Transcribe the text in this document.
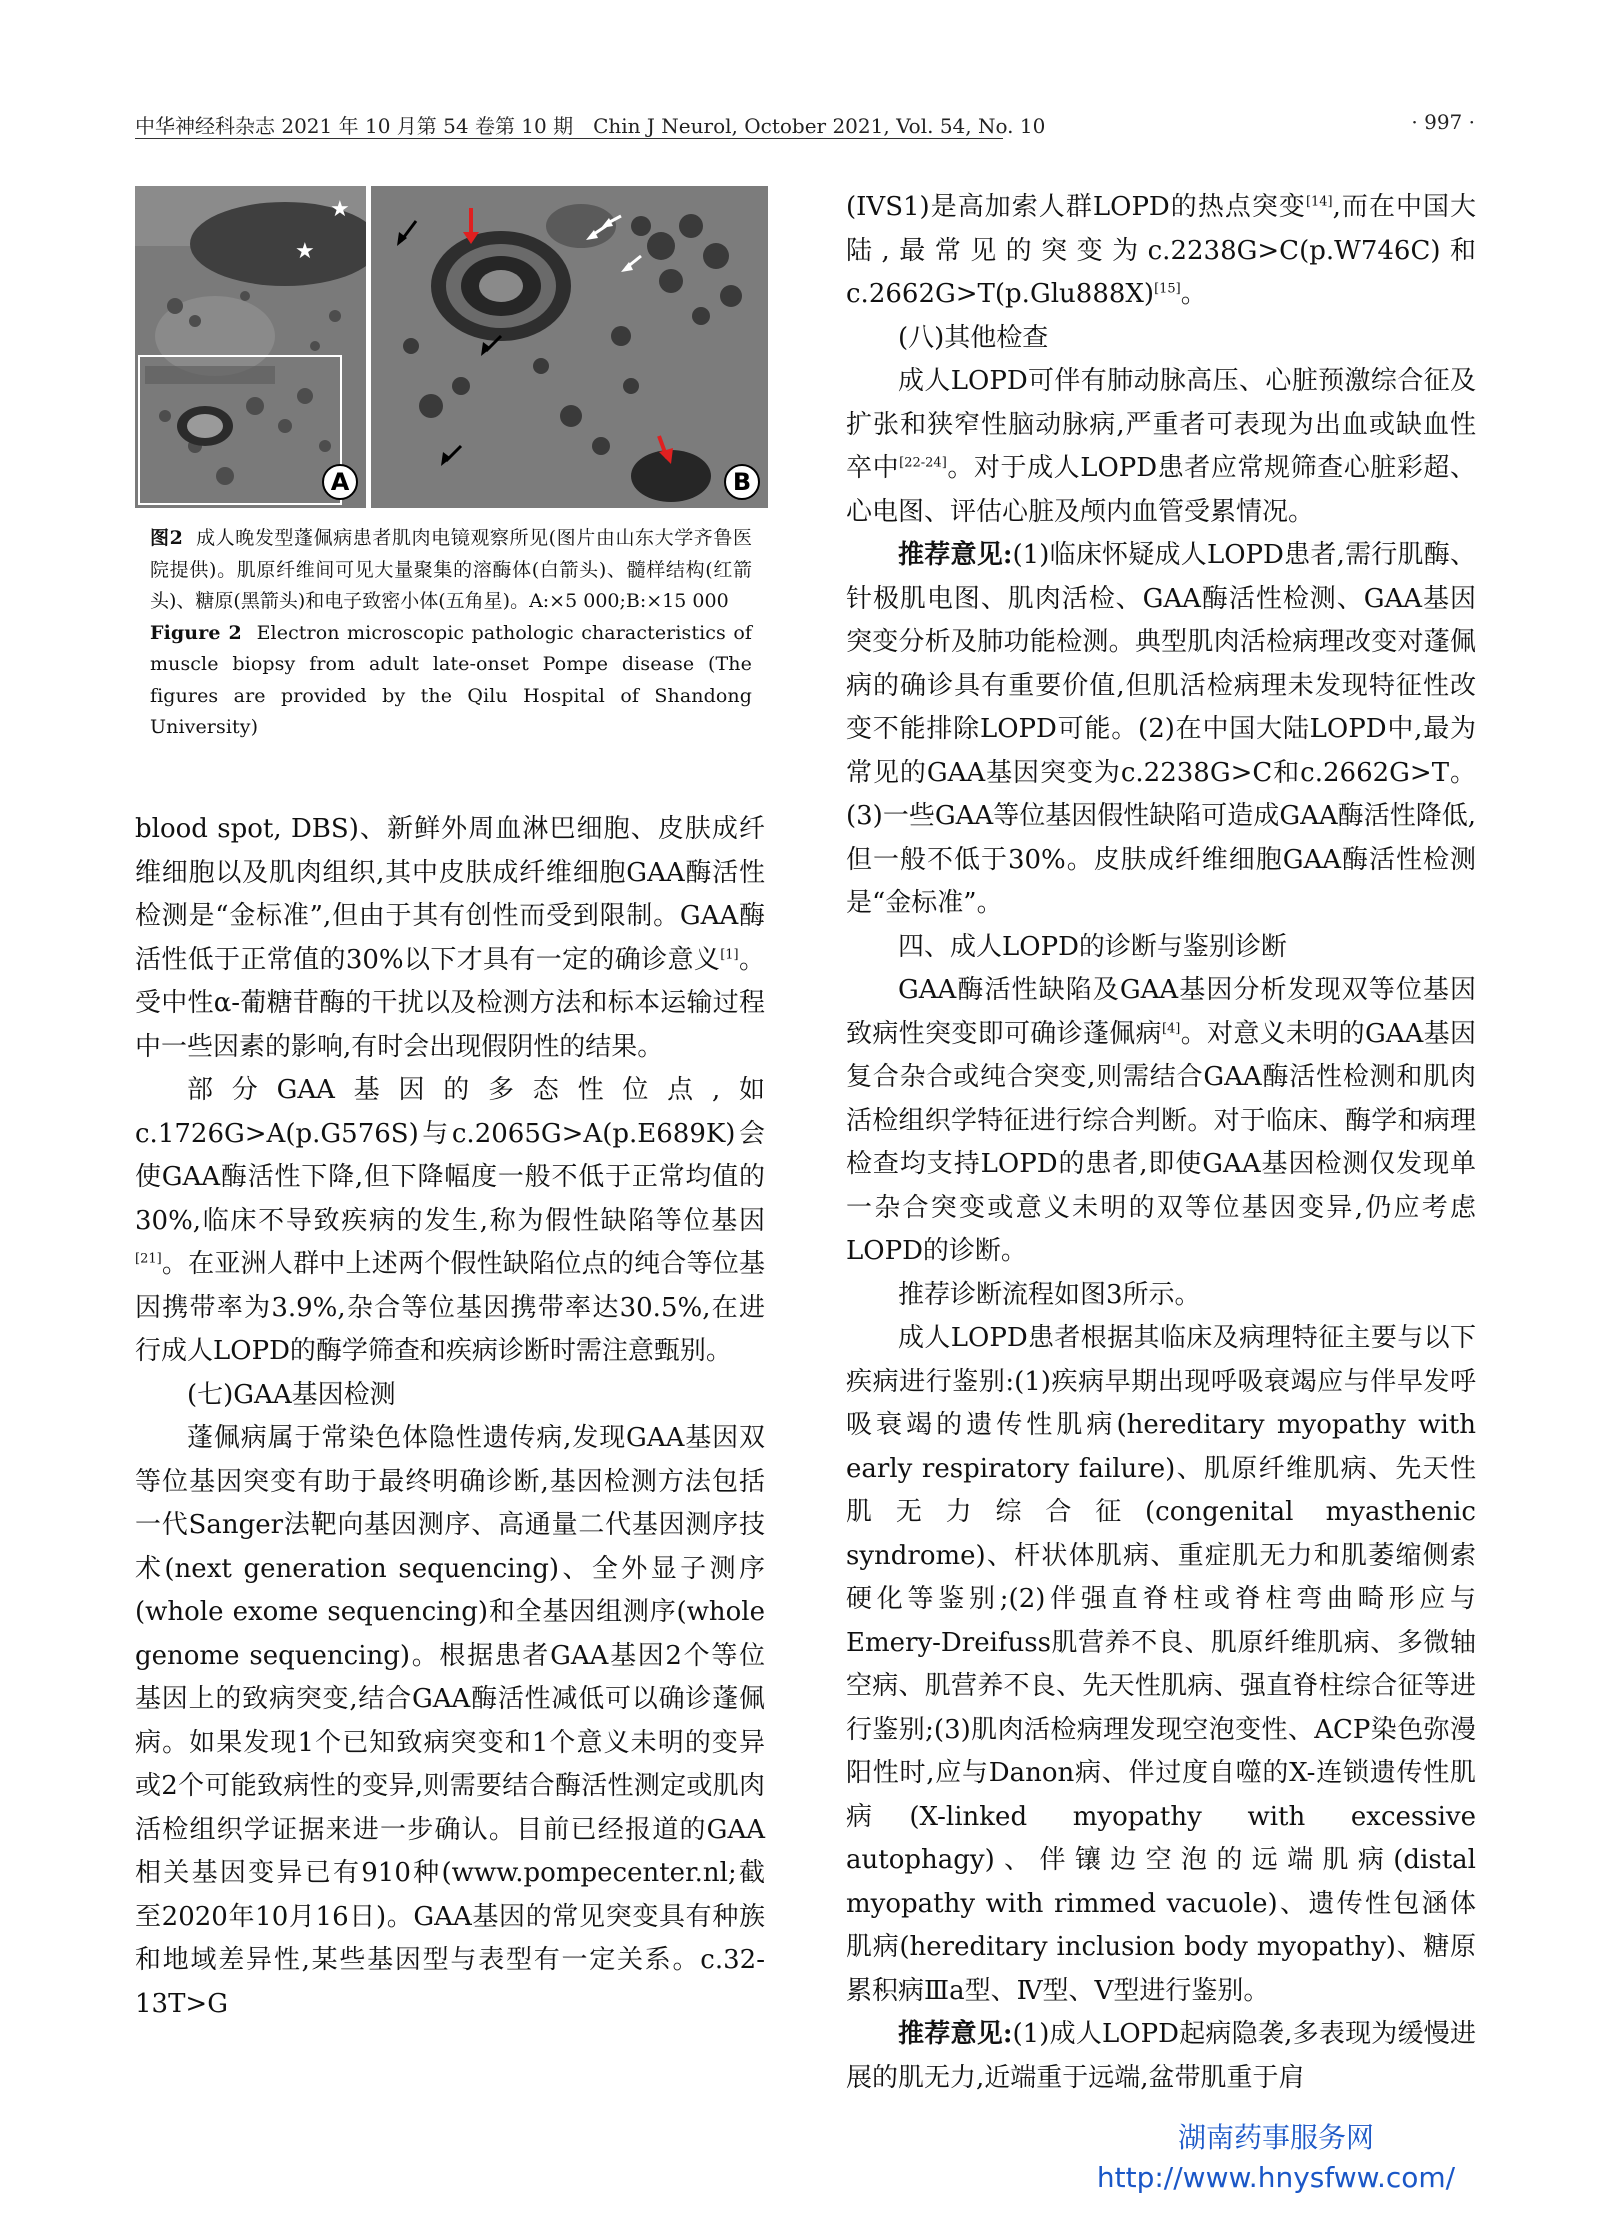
中华神经科杂志 2021 年 10 月第 54 卷第 10 期　Chin J Neurol, October 2021, Vol. 54, No. 10	· 997 ·
★
★
A	B
图2 成人晚发型蓬佩病患者肌肉电镜观察所见(图片由山东大学齐鲁医院提供)。肌原纤维间可见大量聚集的溶酶体(白箭头)、髓样结构(红箭头)、糖原(黑箭头)和电子致密小体(五角星)。A:×5 000;B:×15 000
Figure 2 Electron microscopic pathologic characteristics of muscle biopsy from adult late-onset Pompe disease (The figures are provided by the Qilu Hospital of Shandong University)

blood spot, DBS)、新鲜外周血淋巴细胞、皮肤成纤维细胞以及肌肉组织,其中皮肤成纤维细胞GAA酶活性检测是“金标准”,但由于其有创性而受到限制。GAA酶活性低于正常值的30%以下才具有一定的确诊意义[1]。受中性α-葡糖苷酶的干扰以及检测方法和标本运输过程中一些因素的影响,有时会出现假阴性的结果。

部分GAA基因的多态性位点,如c.1726G>A(p.G576S)与c.2065G>A(p.E689K)会使GAA酶活性下降,但下降幅度一般不低于正常均值的30%,临床不导致疾病的发生,称为假性缺陷等位基因[21]。在亚洲人群中上述两个假性缺陷位点的纯合等位基因携带率为3.9%,杂合等位基因携带率达30.5%,在进行成人LOPD的酶学筛查和疾病诊断时需注意甄别。

(七)GAA基因检测

蓬佩病属于常染色体隐性遗传病,发现GAA基因双等位基因突变有助于最终明确诊断,基因检测方法包括一代Sanger法靶向基因测序、高通量二代基因测序技术(next generation sequencing)、全外显子测序(whole exome sequencing)和全基因组测序(whole genome sequencing)。根据患者GAA基因2个等位基因上的致病突变,结合GAA酶活性减低可以确诊蓬佩病。如果发现1个已知致病突变和1个意义未明的变异或2个可能致病性的变异,则需要结合酶活性测定或肌肉活检组织学证据来进一步确认。目前已经报道的GAA相关基因变异已有910种(www.pompecenter.nl;截至2020年10月16日)。GAA基因的常见突变具有种族和地域差异性,某些基因型与表型有一定关系。c.32-13T>G

(IVS1)是高加索人群LOPD的热点突变[14],而在中国大陆,最常见的突变为c.2238G>C(p.W746C)和c.2662G>T(p.Glu888X)[15]。

(八)其他检查

成人LOPD可伴有肺动脉高压、心脏预激综合征及扩张和狭窄性脑动脉病,严重者可表现为出血或缺血性卒中[22-24]。对于成人LOPD患者应常规筛查心脏彩超、心电图、评估心脏及颅内血管受累情况。

推荐意见:(1)临床怀疑成人LOPD患者,需行肌酶、针极肌电图、肌肉活检、GAA酶活性检测、GAA基因突变分析及肺功能检测。典型肌肉活检病理改变对蓬佩病的确诊具有重要价值,但肌活检病理未发现特征性改变不能排除LOPD可能。(2)在中国大陆LOPD中,最为常见的GAA基因突变为c.2238G>C和c.2662G>T。(3)一些GAA等位基因假性缺陷可造成GAA酶活性降低,但一般不低于30%。皮肤成纤维细胞GAA酶活性检测是“金标准”。

四、成人LOPD的诊断与鉴别诊断

GAA酶活性缺陷及GAA基因分析发现双等位基因致病性突变即可确诊蓬佩病[4]。对意义未明的GAA基因复合杂合或纯合突变,则需结合GAA酶活性检测和肌肉活检组织学特征进行综合判断。对于临床、酶学和病理检查均支持LOPD的患者,即使GAA基因检测仅发现单一杂合突变或意义未明的双等位基因变异,仍应考虑LOPD的诊断。

推荐诊断流程如图3所示。

成人LOPD患者根据其临床及病理特征主要与以下疾病进行鉴别:(1)疾病早期出现呼吸衰竭应与伴早发呼吸衰竭的遗传性肌病(hereditary myopathy with early respiratory failure)、肌原纤维肌病、先天性肌无力综合征(congenital myasthenic syndrome)、杆状体肌病、重症肌无力和肌萎缩侧索硬化等鉴别;(2)伴强直脊柱或脊柱弯曲畸形应与Emery-Dreifuss肌营养不良、肌原纤维肌病、多微轴空病、肌营养不良、先天性肌病、强直脊柱综合征等进行鉴别;(3)肌肉活检病理发现空泡变性、ACP染色弥漫阳性时,应与Danon病、伴过度自噬的X-连锁遗传性肌病(X-linked myopathy with excessive autophagy)、伴镶边空泡的远端肌病(distal myopathy with rimmed vacuole)、遗传性包涵体肌病(hereditary inclusion body myopathy)、糖原累积病Ⅲa型、Ⅳ型、Ⅴ型进行鉴别。

推荐意见:(1)成人LOPD起病隐袭,多表现为缓慢进展的肌无力,近端重于远端,盆带肌重于肩

湖南药事服务网
http://www.hnysfww.com/
